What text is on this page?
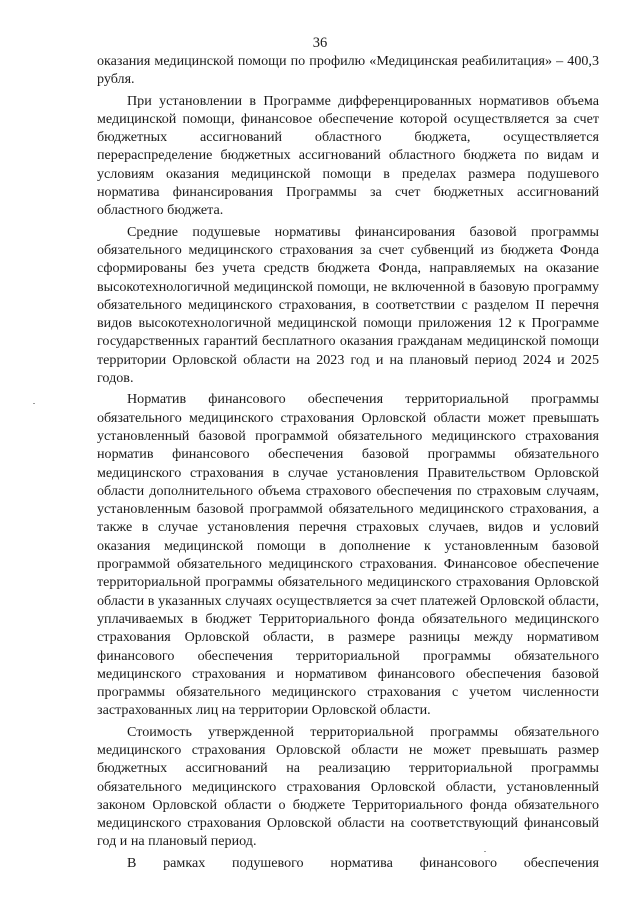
36

оказания медицинской помощи по профилю «Медицинская реабилитация» – 400,3 рубля.

При установлении в Программе дифференцированных нормативов объема медицинской помощи, финансовое обеспечение которой осуществляется за счет бюджетных ассигнований областного бюджета, осуществляется перераспределение бюджетных ассигнований областного бюджета по видам и условиям оказания медицинской помощи в пределах размера подушевого норматива финансирования Программы за счет бюджетных ассигнований областного бюджета.

Средние подушевые нормативы финансирования базовой программы обязательного медицинского страхования за счет субвенций из бюджета Фонда сформированы без учета средств бюджета Фонда, направляемых на оказание высокотехнологичной медицинской помощи, не включенной в базовую программу обязательного медицинского страхования, в соответствии с разделом II перечня видов высокотехнологичной медицинской помощи приложения 12 к Программе государственных гарантий бесплатного оказания гражданам медицинской помощи территории Орловской области на 2023 год и на плановый период 2024 и 2025 годов.

Норматив финансового обеспечения территориальной программы обязательного медицинского страхования Орловской области может превышать установленный базовой программой обязательного медицинского страхования норматив финансового обеспечения базовой программы обязательного медицинского страхования в случае установления Правительством Орловской области дополнительного объема страхового обеспечения по страховым случаям, установленным базовой программой обязательного медицинского страхования, а также в случае установления перечня страховых случаев, видов и условий оказания медицинской помощи в дополнение к установленным базовой программой обязательного медицинского страхования. Финансовое обеспечение территориальной программы обязательного медицинского страхования Орловской области в указанных случаях осуществляется за счет платежей Орловской области, уплачиваемых в бюджет Территориального фонда обязательного медицинского страхования Орловской области, в размере разницы между нормативом финансового обеспечения территориальной программы обязательного медицинского страхования и нормативом финансового обеспечения базовой программы обязательного медицинского страхования с учетом численности застрахованных лиц на территории Орловской области.

Стоимость утвержденной территориальной программы обязательного медицинского страхования Орловской области не может превышать размер бюджетных ассигнований на реализацию территориальной программы обязательного медицинского страхования Орловской области, установленный законом Орловской области о бюджете Территориального фонда обязательного медицинского страхования Орловской области на соответствующий финансовый год и на плановый период.

В рамках подушевого норматива финансового обеспечения
